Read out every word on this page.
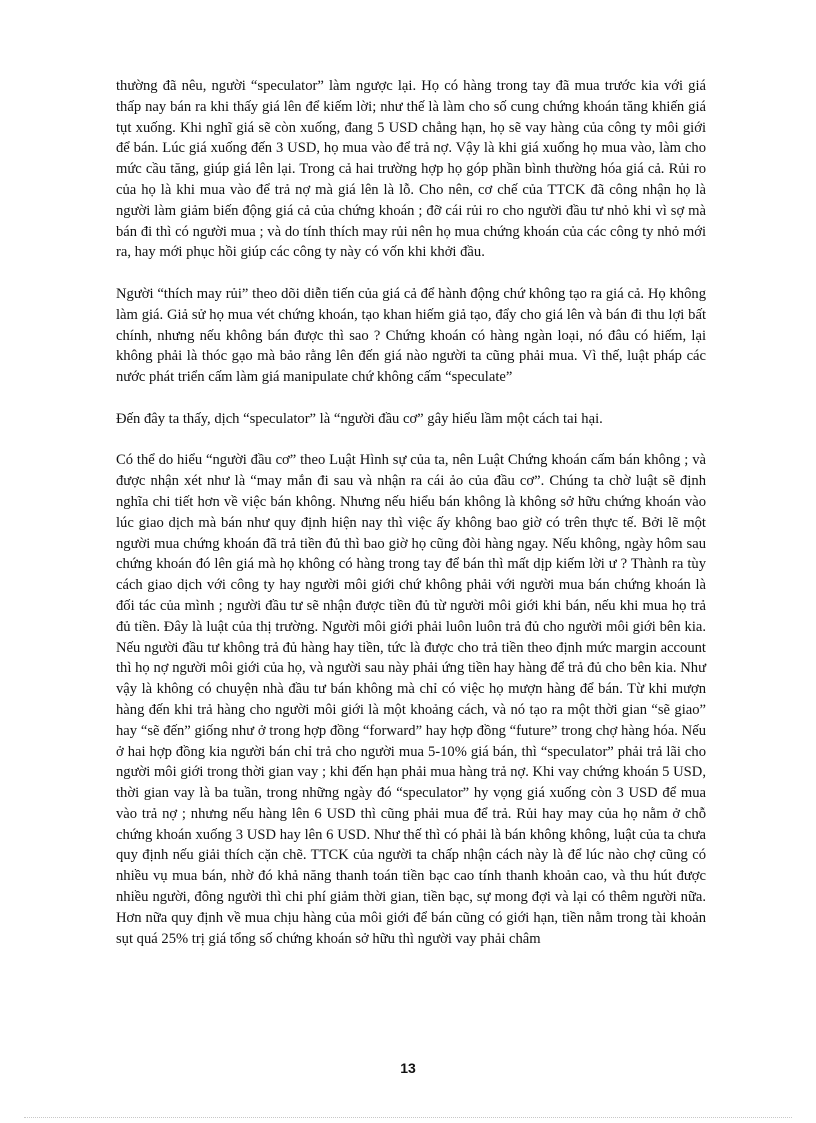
thường đã nêu, người “speculator” làm ngược lại. Họ có hàng trong tay đã mua trước kia với giá thấp nay bán ra khi thấy giá lên để kiếm lời; như thế là làm cho số cung chứng khoán tăng khiến giá tụt xuống. Khi nghĩ giá sẽ còn xuống, đang 5 USD chẳng hạn, họ sẽ vay hàng của công ty môi giới để bán. Lúc giá xuống đến 3 USD, họ mua vào để trả nợ. Vậy là khi giá xuống họ mua vào, làm cho mức cầu tăng, giúp giá lên lại. Trong cả hai trường hợp họ góp phần bình thường hóa giá cả. Rủi ro của họ là khi mua vào để trả nợ mà giá lên là lỗ. Cho nên, cơ chế của TTCK đã công nhận họ là người làm giảm biến động giá cả của chứng khoán ; đỡ cái rủi ro cho người đầu tư nhỏ khi vì sợ mà bán đi thì có người mua ; và do tính thích may rủi nên họ mua chứng khoán của các công ty nhỏ mới ra, hay mới phục hồi giúp các công ty này có vốn khi khởi đầu.

Người “thích may rủi” theo dõi diễn tiến của giá cả để hành động chứ không tạo ra giá cả. Họ không làm giá. Giả sử họ mua vét chứng khoán, tạo khan hiếm giả tạo, đẩy cho giá lên và bán đi thu lợi bất chính, nhưng nếu không bán được thì sao ? Chứng khoán có hàng ngàn loại, nó đâu có hiếm, lại không phải là thóc gạo mà bảo rằng lên đến giá nào người ta cũng phải mua. Vì thế, luật pháp các nước phát triển cấm làm giá manipulate chứ không cấm “speculate”

Đến đây ta thấy, dịch “speculator” là “người đầu cơ” gây hiểu lầm một cách tai hại.

Có thể do hiểu “người đầu cơ” theo Luật Hình sự của ta, nên Luật Chứng khoán cấm bán không ; và được nhận xét như là “may mắn đi sau và nhận ra cái ảo của đầu cơ”. Chúng ta chờ luật sẽ định nghĩa chi tiết hơn về việc bán không. Nhưng nếu hiểu bán không là không sở hữu chứng khoán vào lúc giao dịch mà bán như quy định hiện nay thì việc ấy không bao giờ có trên thực tế. Bởi lẽ một người mua chứng khoán đã trả tiền đủ thì bao giờ họ cũng đòi hàng ngay. Nếu không, ngày hôm sau chứng khoán đó lên giá mà họ không có hàng trong tay để bán thì mất dịp kiếm lời ư ? Thành ra tùy cách giao dịch với công ty hay người môi giới chứ không phải với người mua bán chứng khoán là đối tác của mình ; người đầu tư sẽ nhận được tiền đủ từ người môi giới khi bán, nếu khi mua họ trả đủ tiền. Đây là luật của thị trường. Người môi giới phải luôn luôn trả đủ cho người môi giới bên kia. Nếu người đầu tư không trả đủ hàng hay tiền, tức là được cho trả tiền theo định mức margin account thì họ nợ người môi giới của họ, và người sau này phải ứng tiền hay hàng để trả đủ cho bên kia. Như vậy là không có chuyện nhà đầu tư bán không mà chỉ có việc họ mượn hàng để bán. Từ khi mượn hàng đến khi trả hàng cho người môi giới là một khoảng cách, và nó tạo ra một thời gian “sẽ giao” hay “sẽ đến” giống như ở trong hợp đồng “forward” hay hợp đồng “future” trong chợ hàng hóa. Nếu ở hai hợp đồng kia người bán chỉ trả cho người mua 5-10% giá bán, thì “speculator” phải trả lãi cho người môi giới trong thời gian vay ; khi đến hạn phải mua hàng trả nợ. Khi vay chứng khoán 5 USD, thời gian vay là ba tuần, trong những ngày đó “speculator” hy vọng giá xuống còn 3 USD để mua vào trả nợ ; nhưng nếu hàng lên 6 USD thì cũng phải mua để trả. Rủi hay may của họ nằm ở chỗ chứng khoán xuống 3 USD hay lên 6 USD. Như thế thì có phải là bán không không, luật của ta chưa quy định nếu giải thích cặn chẽ. TTCK của người ta chấp nhận cách này là để lúc nào chợ cũng có nhiều vụ mua bán, nhờ đó khả năng thanh toán tiền bạc cao tính thanh khoản cao, và thu hút được nhiều người, đông người thì chi phí giảm thời gian, tiền bạc, sự mong đợi và lại có thêm người nữa. Hơn nữa quy định về mua chịu hàng của môi giới để bán cũng có giới hạn, tiền nằm trong tài khoản sụt quá 25% trị giá tổng số chứng khoán sở hữu thì người vay phải châm

13
